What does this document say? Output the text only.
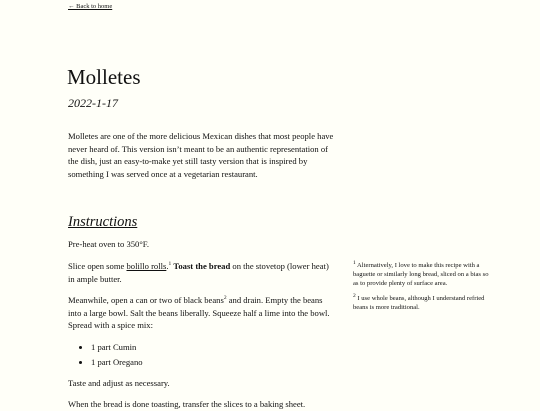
← Back to home
Molletes
2022-1-17

Molletes are one of the more delicious Mexican dishes that most people have never heard of. This version isn’t meant to be an authentic representation of the dish, just an easy-to-make yet still tasty version that is inspired by something I was served once at a vegetarian restaurant.

Instructions

Pre-heat oven to 350°F.

Slice open some bolillo rolls.$^1$ Toast the bread on the stovetop (lower heat) in ample butter.

Meanwhile, open a can or two of black beans$^2$ and drain. Empty the beans into a large bowl. Salt the beans liberally. Squeeze half a lime into the bowl. Spread with a spice mix:

• 1 part Cumin
• 1 part Oregano

Taste and adjust as necessary.

When the bread is done toasting, transfer the slices to a baking sheet.

$^1$ Alternatively, I love to make this recipe with a baguette or similarly long bread, sliced on a bias so as to provide plenty of surface area.
$^2$ I use whole beans, although I understand refried beans is more traditional.
